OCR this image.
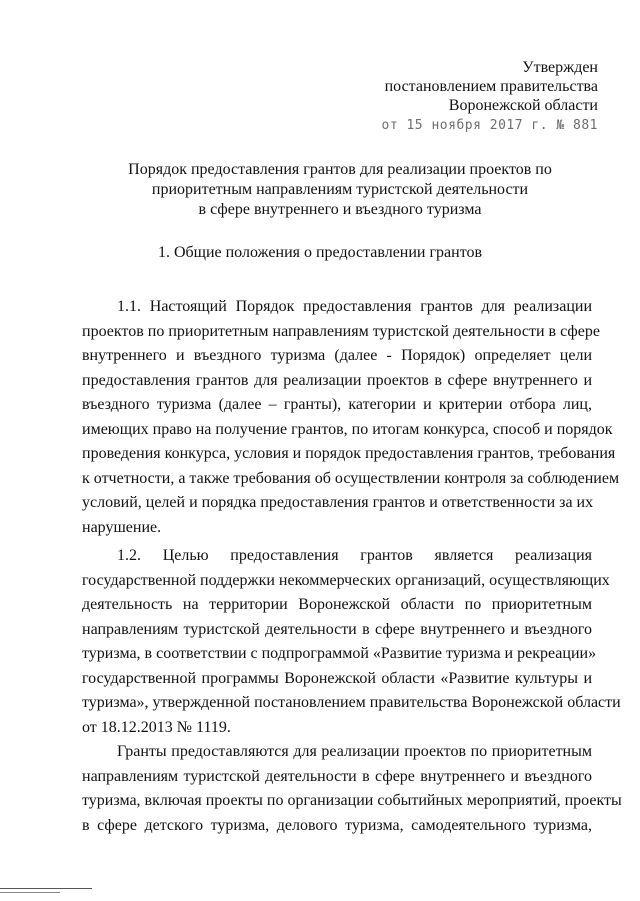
Утвержден
постановлением правительства
Воронежской области
от 15 ноября 2017 г. № 881
Порядок предоставления грантов для реализации проектов по
приоритетным направлениям туристской деятельности
в сфере внутреннего и въездного туризма
1. Общие положения о предоставлении грантов
1.1. Настоящий Порядок предоставления грантов для реализации
проектов по приоритетным направлениям туристской деятельности в сфере
внутреннего и въездного туризма (далее - Порядок) определяет цели
предоставления грантов для реализации проектов в сфере внутреннего и
въездного туризма (далее – гранты), категории и критерии отбора лиц,
имеющих право на получение грантов, по итогам конкурса, способ и порядок
проведения конкурса, условия и порядок предоставления грантов, требования
к отчетности, а также требования об осуществлении контроля за соблюдением
условий, целей и порядка предоставления грантов и ответственности за их
нарушение.
1.2. Целью предоставления грантов является реализация
государственной поддержки некоммерческих организаций, осуществляющих
деятельность на территории Воронежской области по приоритетным
направлениям туристской деятельности в сфере внутреннего и въездного
туризма, в соответствии с подпрограммой «Развитие туризма и рекреации»
государственной программы Воронежской области «Развитие культуры и
туризма», утвержденной постановлением правительства Воронежской области
от 18.12.2013 № 1119.
Гранты предоставляются для реализации проектов по приоритетным
направлениям туристской деятельности в сфере внутреннего и въездного
туризма, включая проекты по организации событийных мероприятий, проекты
в сфере детского туризма, делового туризма, самодеятельного туризма,
